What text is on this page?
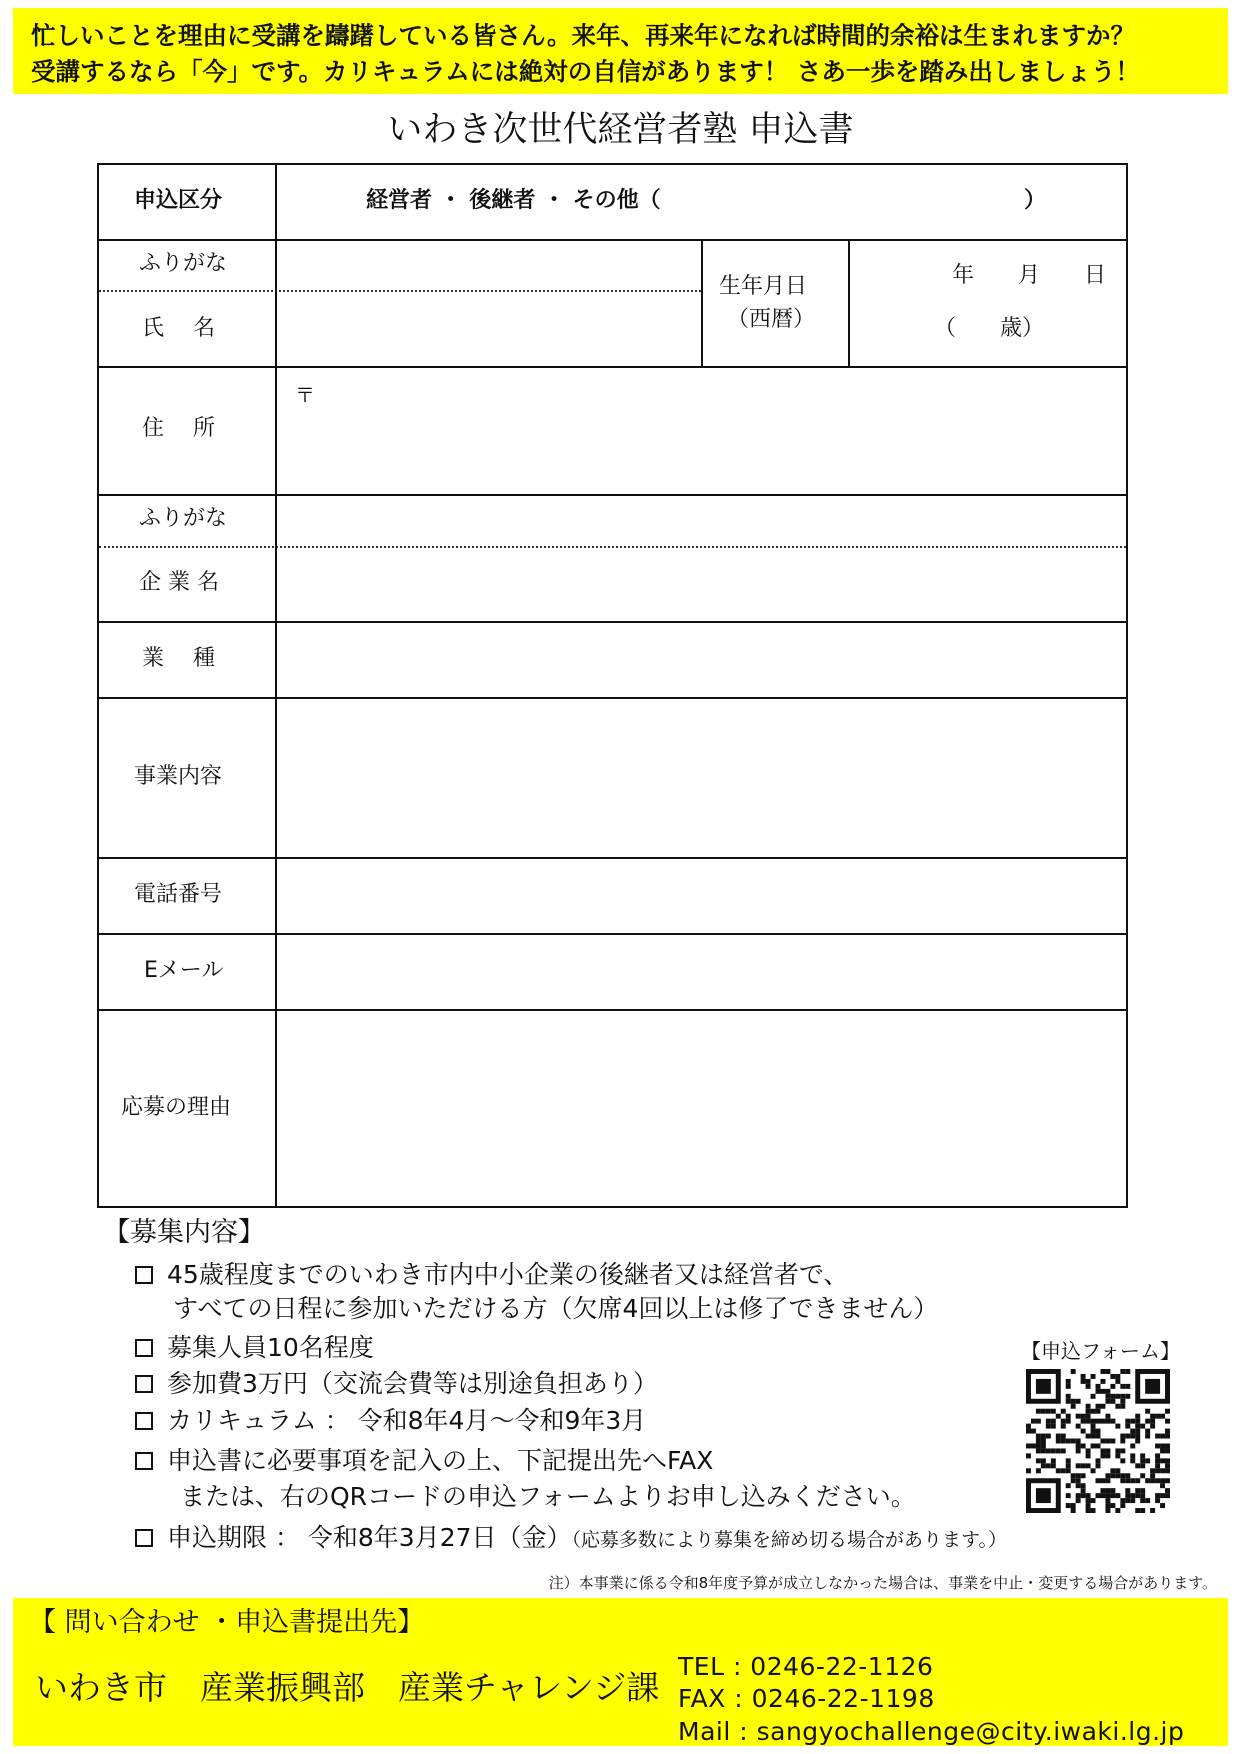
忙しいことを理由に受講を躊躇している皆さん。来年、再来年になれば時間的余裕は生まれますか？
受講するなら「今」です。カリキュラムには絶対の自信があります！ さあ一歩を踏み出しましょう！
いわき次世代経営者塾 申込書
申込区分	経営者 ・ 後継者 ・ その他（	）
ふりがな
氏　 名
生年月日
（西暦）
年　　月　　日
（　　歳）
〒
住　 所
ふりがな
企 業 名
業　 種
事業内容
電話番号
Eメール
応募の理由
【募集内容】
45歳程度までのいわき市内中小企業の後継者又は経営者で、
すべての日程に参加いただける方（欠席4回以上は修了できません）
募集人員10名程度
参加費3万円（交流会費等は別途負担あり）
カリキュラム ： 令和8年4月～令和9年3月
申込書に必要事項を記入の上、下記提出先へFAX
または、右のQRコードの申込フォームよりお申し込みください。
申込期限 ： 令和8年3月27日（金）（応募多数により募集を締め切る場合があります。）
【申込フォーム】
注）本事業に係る令和8年度予算が成立しなかった場合は、事業を中止・変更する場合があります。
【 問い合わせ ・申込書提出先】
いわき市　産業振興部　産業チャレンジ課
TEL : 0246-22-1126
FAX : 0246-22-1198
Mail : sangyochallenge@city.iwaki.lg.jp
